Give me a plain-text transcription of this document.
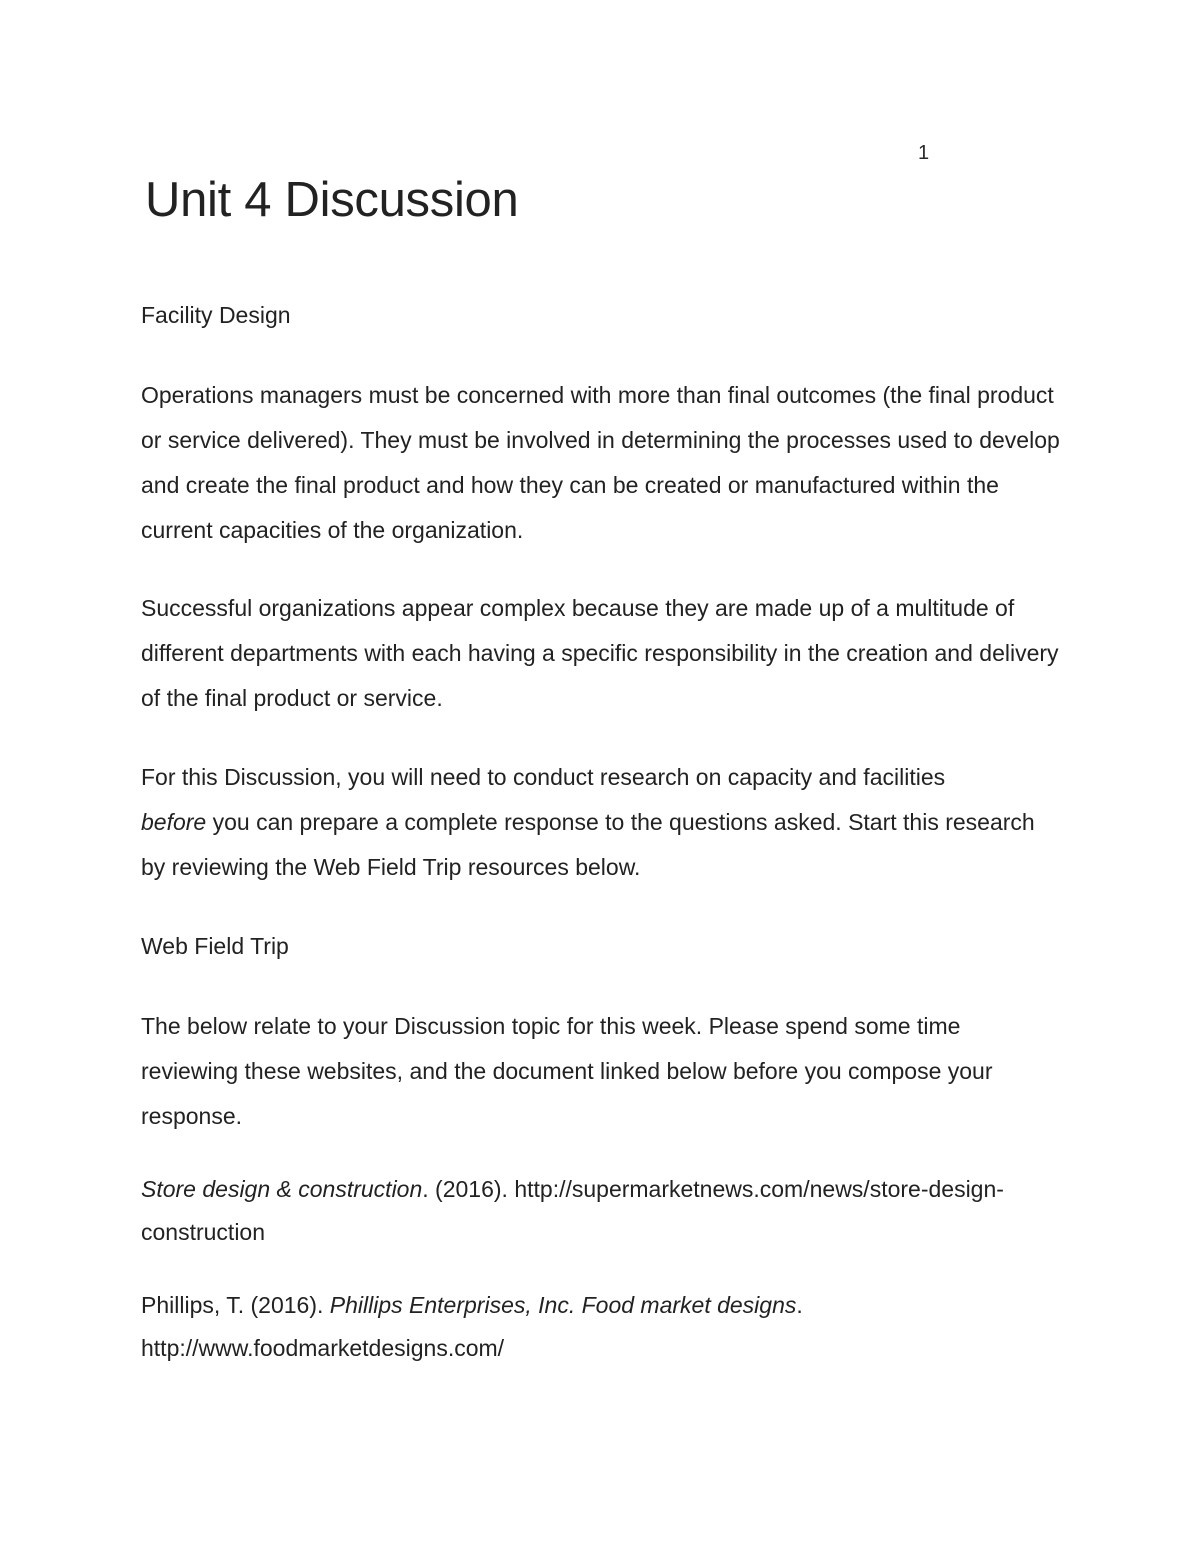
1
Unit 4 Discussion

Facility Design

Operations managers must be concerned with more than final outcomes (the final product or service delivered). They must be involved in determining the processes used to develop and create the final product and how they can be created or manufactured within the current capacities of the organization.

Successful organizations appear complex because they are made up of a multitude of different departments with each having a specific responsibility in the creation and delivery of the final product or service.

For this Discussion, you will need to conduct research on capacity and facilities
before you can prepare a complete response to the questions asked. Start this research by reviewing the Web Field Trip resources below.

Web Field Trip

The below relate to your Discussion topic for this week. Please spend some time reviewing these websites, and the document linked below before you compose your response.

Store design & construction. (2016). http://supermarketnews.com/news/store-design-construction

Phillips, T. (2016). Phillips Enterprises, Inc. Food market designs. http://www.foodmarketdesigns.com/
